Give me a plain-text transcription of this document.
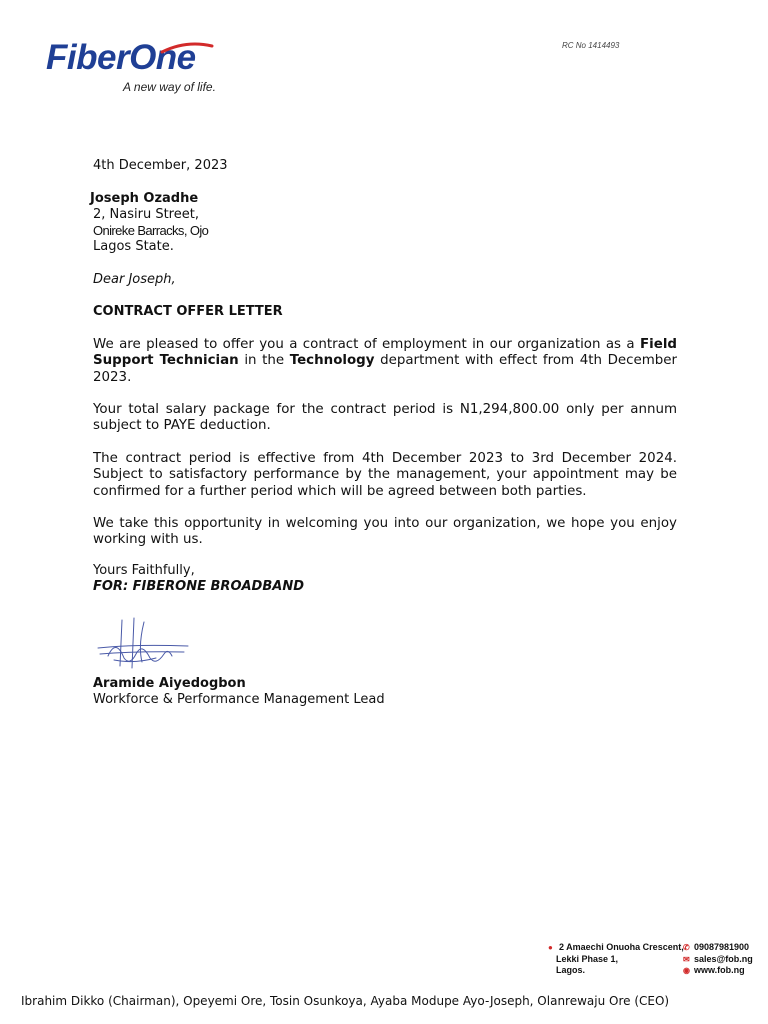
FiberOne
A new way of life.
RC No 1414493
4th December, 2023
Joseph Ozadhe
2, Nasiru Street,
Onireke Barracks, Ojo
Lagos State.
Dear Joseph,
CONTRACT OFFER LETTER
We are pleased to offer you a contract of employment in our organization as a Field Support Technician in the Technology department with effect from 4th December 2023.
Your total salary package for the contract period is N1,294,800.00 only per annum subject to PAYE deduction.
The contract period is effective from 4th December 2023 to 3rd December 2024. Subject to satisfactory performance by the management, your appointment may be confirmed for a further period which will be agreed between both parties.
We take this opportunity in welcoming you into our organization, we hope you enjoy working with us.
Yours Faithfully,
FOR: FIBERONE BROADBAND
Aramide Aiyedogbon
Workforce & Performance Management Lead
● 2 Amaechi Onuoha Crescent,
Lekki Phase 1,
Lagos.
✆ 09087981900
✉ sales@fob.ng
◉ www.fob.ng
Ibrahim Dikko (Chairman), Opeyemi Ore, Tosin Osunkoya, Ayaba Modupe Ayo-Joseph, Olanrewaju Ore (CEO)
